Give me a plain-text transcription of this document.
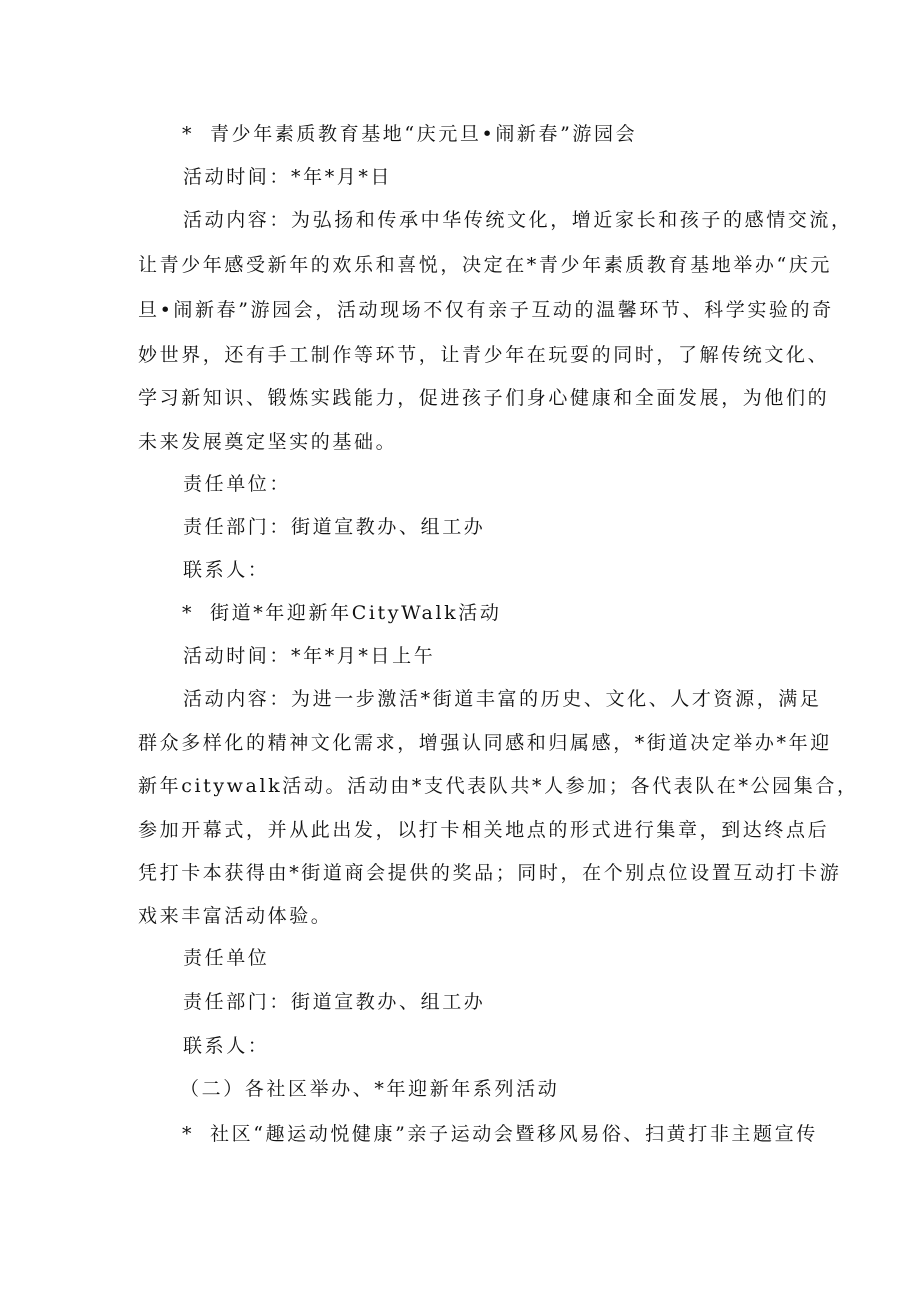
* 青少年素质教育基地“庆元旦•闹新春”游园会
活动时间：*年*月*日
活动内容：为弘扬和传承中华传统文化，增近家长和孩子的感情交流，
让青少年感受新年的欢乐和喜悦，决定在*青少年素质教育基地举办“庆元
旦•闹新春”游园会，活动现场不仅有亲子互动的温馨环节、科学实验的奇
妙世界，还有手工制作等环节，让青少年在玩耍的同时，了解传统文化、
学习新知识、锻炼实践能力，促进孩子们身心健康和全面发展，为他们的
未来发展奠定坚实的基础。
责任单位：
责任部门：街道宣教办、组工办
联系人：
* 街道*年迎新年CityWalk活动
活动时间：*年*月*日上午
活动内容：为进一步激活*街道丰富的历史、文化、人才资源，满足
群众多样化的精神文化需求，增强认同感和归属感，*街道决定举办*年迎
新年citywalk活动。活动由*支代表队共*人参加；各代表队在*公园集合，
参加开幕式，并从此出发，以打卡相关地点的形式进行集章，到达终点后
凭打卡本获得由*街道商会提供的奖品；同时，在个别点位设置互动打卡游
戏来丰富活动体验。
责任单位
责任部门：街道宣教办、组工办
联系人：
（二）各社区举办、*年迎新年系列活动
* 社区“趣运动悦健康”亲子运动会暨移风易俗、扫黄打非主题宣传
